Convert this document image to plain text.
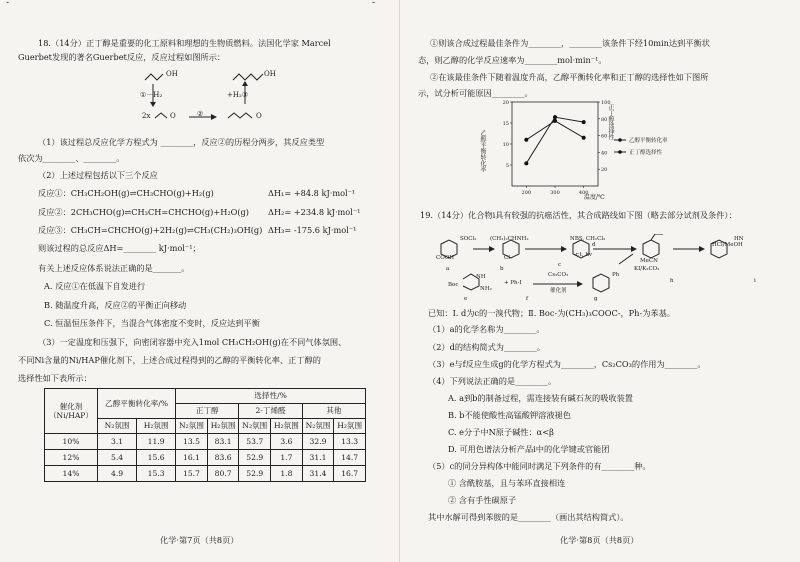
-	-
18.（14分）正丁醇是重要的化工原料和理想的生物质燃料。法国化学家 Marcel
Guerbet发现的著名Guerbet反应，反应过程如图所示：
OH	OH
①－H₂	+H₂③
2x	O	②	O
（1）该过程总反应化学方程式为 ________，反应②的历程分两步，其反应类型
依次为________、________。
（2）上述过程包括以下三个反应
反应①：CH₃CH₂OH(g)⇌CH₃CHO(g)+H₂(g)	ΔH₁= +84.8 kJ·mol⁻¹
反应②：2CH₃CHO(g)⇌CH₃CH=CHCHO(g)+H₂O(g) ΔH₂= +234.8 kJ·mol⁻¹
反应③：CH₃CH=CHCHO(g)+2H₂(g)⇌CH₃(CH₂)₃OH(g) ΔH₃= -175.6 kJ·mol⁻¹
则该过程的总反应ΔH=________ kJ·mol⁻¹；
有关上述反应体系说法正确的是_______。
A. 反应①在低温下自发进行
B. 随温度升高，反应②的平衡正向移动
C. 恒温恒压条件下，当混合气体密度不变时，反应达到平衡
（3）一定温度和压强下，向密闭容器中充入1mol CH₃CH₂OH(g)在不同气体氛围、
不同Ni含量的Ni/HAP催化剂下，上述合成过程得到的乙醇的平衡转化率、正丁醇的
选择性如下表所示：
催化剂（Ni/HAP）	乙醇平衡转化率/%		选择性/%					
			正丁醇		2-丁烯醛		其他	
	N₂氛围	H₂氛围	N₂氛围	H₂氛围	N₂氛围	H₂氛围	N₂氛围	H₂氛围
10%	3.1	11.9	13.5	83.1	53.7	3.6	32.9	13.3
12%	5.4	15.6	16.1	83.6	52.9	1.7	31.1	14.7
14%	4.9	15.3	15.7	80.7	52.9	1.8	31.4	16.7
化学·第7页（共8页）
①则该合成过程最佳条件为________，________该条件下经10min达到平衡状
态，则乙醇的化学反应速率为________mol·min⁻¹。
②在该最佳条件下随着温度升高，乙醇平衡转化率和正丁醇的选择性如下图所
示，试分析可能原因________。
20
15
10
5
100
80
60
40
20
200	300	400
乙醇平衡转化率
正丁醇选择性
乙醇平衡转化率
正丁醇选择性
温度/℃
19.（14分）化合物i具有较强的抗癌活性，其合成路线如下图（略去部分试剂及条件）：
SOCl₂ (CH₃)₂CHNH₂	NBS, CH₂Cl₂
-r.t, hv
MeCN
KI/K₂CO₃
HCl/MeOH
COOH	Cl
a	b
c
d
e	f	g
h	i
Boc
NH
NH₂
+ Ph-I
Cs₂CO₃
催化剂
Ph
HN
已知：Ⅰ. d为c的一溴代物；Ⅱ. Boc-为(CH₃)₃COOC-，Ph-为苯基。
（1）a的化学名称为________。
（2）d的结构简式为________。
（3）e与f反应生成g的化学方程式为________，Cs₂CO₃的作用为________。
（4）下列说法正确的是________。
A. a到b的制备过程，需连接装有碱石灰的吸收装置
B. b不能使酸性高锰酸钾溶液褪色
C. e分子中N原子碱性：α<β
D. 可用色谱法分析产品i中的化学键或官能团
（5）c的同分异构体中能同时满足下列条件的有________种。
① 含酰胺基，且与苯环直接相连
② 含有手性碳原子
其中水解可得到苯胺的是________（画出其结构简式）。
化学·第8页（共8页）
